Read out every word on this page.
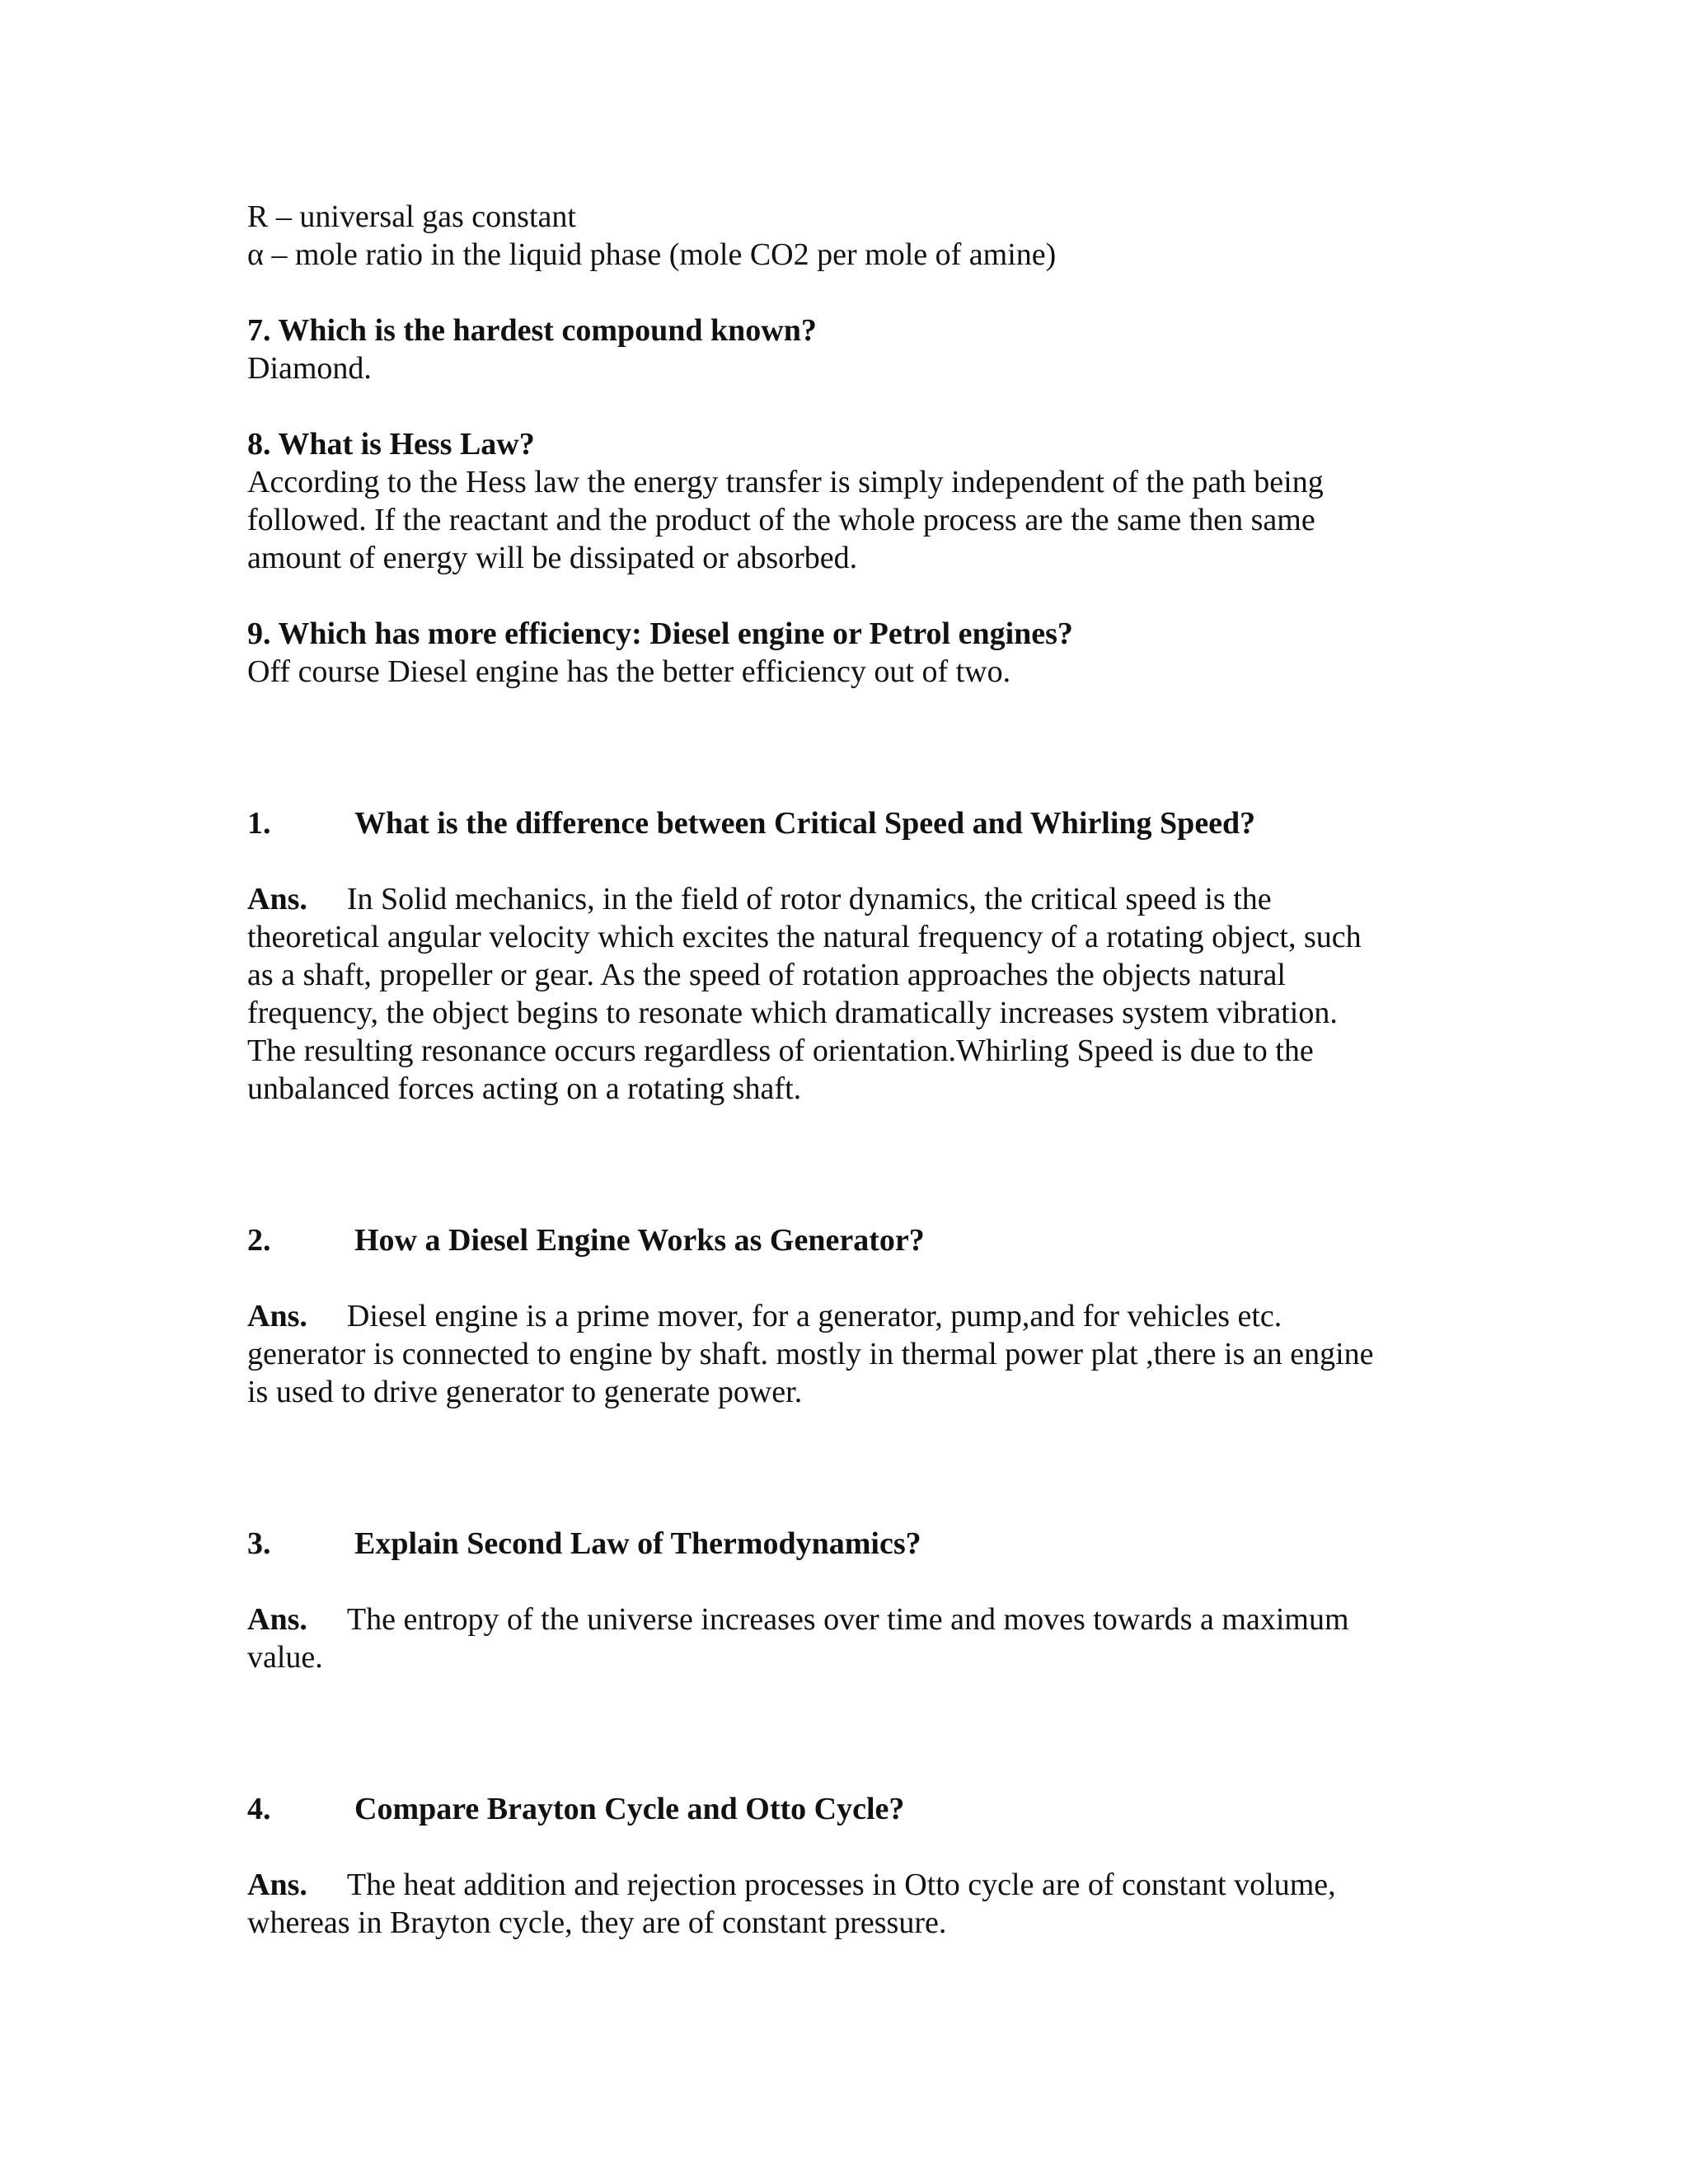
R – universal gas constant
α – mole ratio in the liquid phase (mole CO2 per mole of amine)
7. Which is the hardest compound known?
Diamond.
8. What is Hess Law?
According to the Hess law the energy transfer is simply independent of the path being
followed. If the reactant and the product of the whole process are the same then same
amount of energy will be dissipated or absorbed.
9. Which has more efficiency: Diesel engine or Petrol engines?
Off course Diesel engine has the better efficiency out of two.
1.	What is the difference between Critical Speed and Whirling Speed?
Ans. In Solid mechanics, in the field of rotor dynamics, the critical speed is the
theoretical angular velocity which excites the natural frequency of a rotating object, such
as a shaft, propeller or gear. As the speed of rotation approaches the objects natural
frequency, the object begins to resonate which dramatically increases system vibration.
The resulting resonance occurs regardless of orientation.Whirling Speed is due to the
unbalanced forces acting on a rotating shaft.
2.	How a Diesel Engine Works as Generator?
Ans. Diesel engine is a prime mover, for a generator, pump,and for vehicles etc.
generator is connected to engine by shaft. mostly in thermal power plat ,there is an engine
is used to drive generator to generate power.
3.	Explain Second Law of Thermodynamics?
Ans. The entropy of the universe increases over time and moves towards a maximum
value.
4.	Compare Brayton Cycle and Otto Cycle?
Ans. The heat addition and rejection processes in Otto cycle are of constant volume,
whereas in Brayton cycle, they are of constant pressure.
